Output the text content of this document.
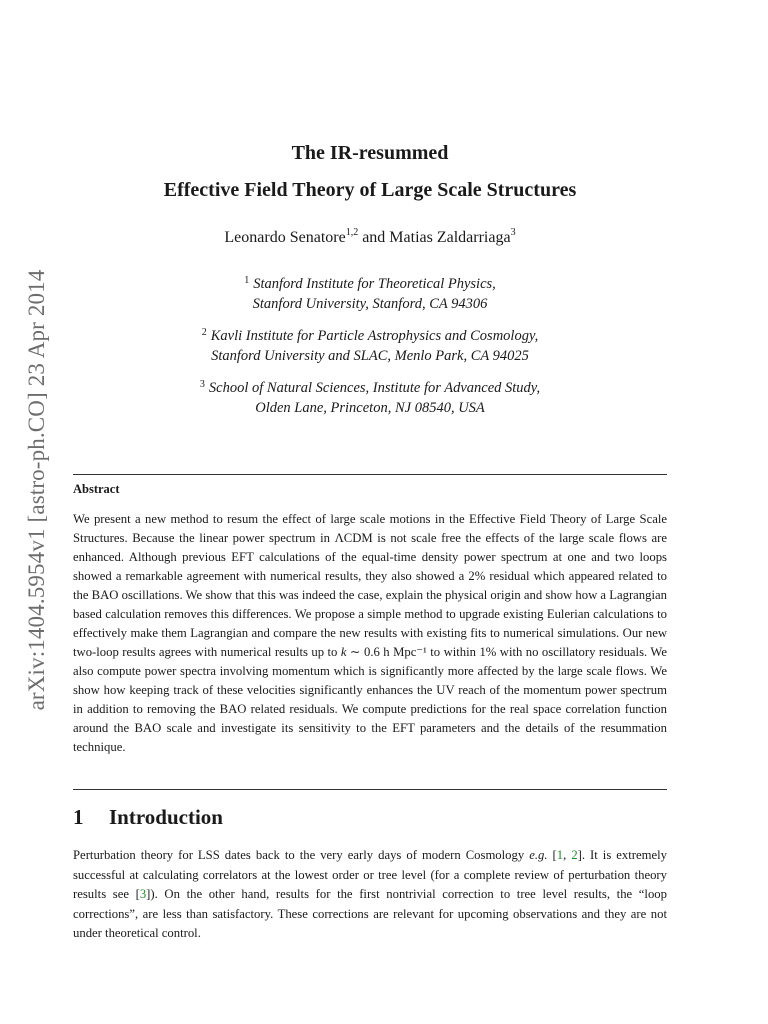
arXiv:1404.5954v1 [astro-ph.CO] 23 Apr 2014
The IR-resummed
Effective Field Theory of Large Scale Structures
Leonardo Senatore$^{1,2}$ and Matias Zaldarriaga$^3$
$^1$ Stanford Institute for Theoretical Physics,
Stanford University, Stanford, CA 94306
$^2$ Kavli Institute for Particle Astrophysics and Cosmology,
Stanford University and SLAC, Menlo Park, CA 94025
$^3$ School of Natural Sciences, Institute for Advanced Study,
Olden Lane, Princeton, NJ 08540, USA
Abstract
We present a new method to resum the effect of large scale motions in the Effective Field Theory of Large Scale Structures. Because the linear power spectrum in ΛCDM is not scale free the effects of the large scale flows are enhanced. Although previous EFT calculations of the equal-time density power spectrum at one and two loops showed a remarkable agreement with numerical results, they also showed a 2% residual which appeared related to the BAO oscillations. We show that this was indeed the case, explain the physical origin and show how a Lagrangian based calculation removes this differences. We propose a simple method to upgrade existing Eulerian calculations to effectively make them Lagrangian and compare the new results with existing fits to numerical simulations. Our new two-loop results agrees with numerical results up to k ∼ 0.6 h Mpc⁻¹ to within 1% with no oscillatory residuals. We also compute power spectra involving momentum which is significantly more affected by the large scale flows. We show how keeping track of these velocities significantly enhances the UV reach of the momentum power spectrum in addition to removing the BAO related residuals. We compute predictions for the real space correlation function around the BAO scale and investigate its sensitivity to the EFT parameters and the details of the resummation technique.
1 Introduction
Perturbation theory for LSS dates back to the very early days of modern Cosmology e.g. [1, 2]. It is extremely successful at calculating correlators at the lowest order or tree level (for a complete review of perturbation theory results see [3]). On the other hand, results for the first nontrivial correction to tree level results, the “loop corrections”, are less than satisfactory. These corrections are relevant for upcoming observations and they are not under theoretical control.
